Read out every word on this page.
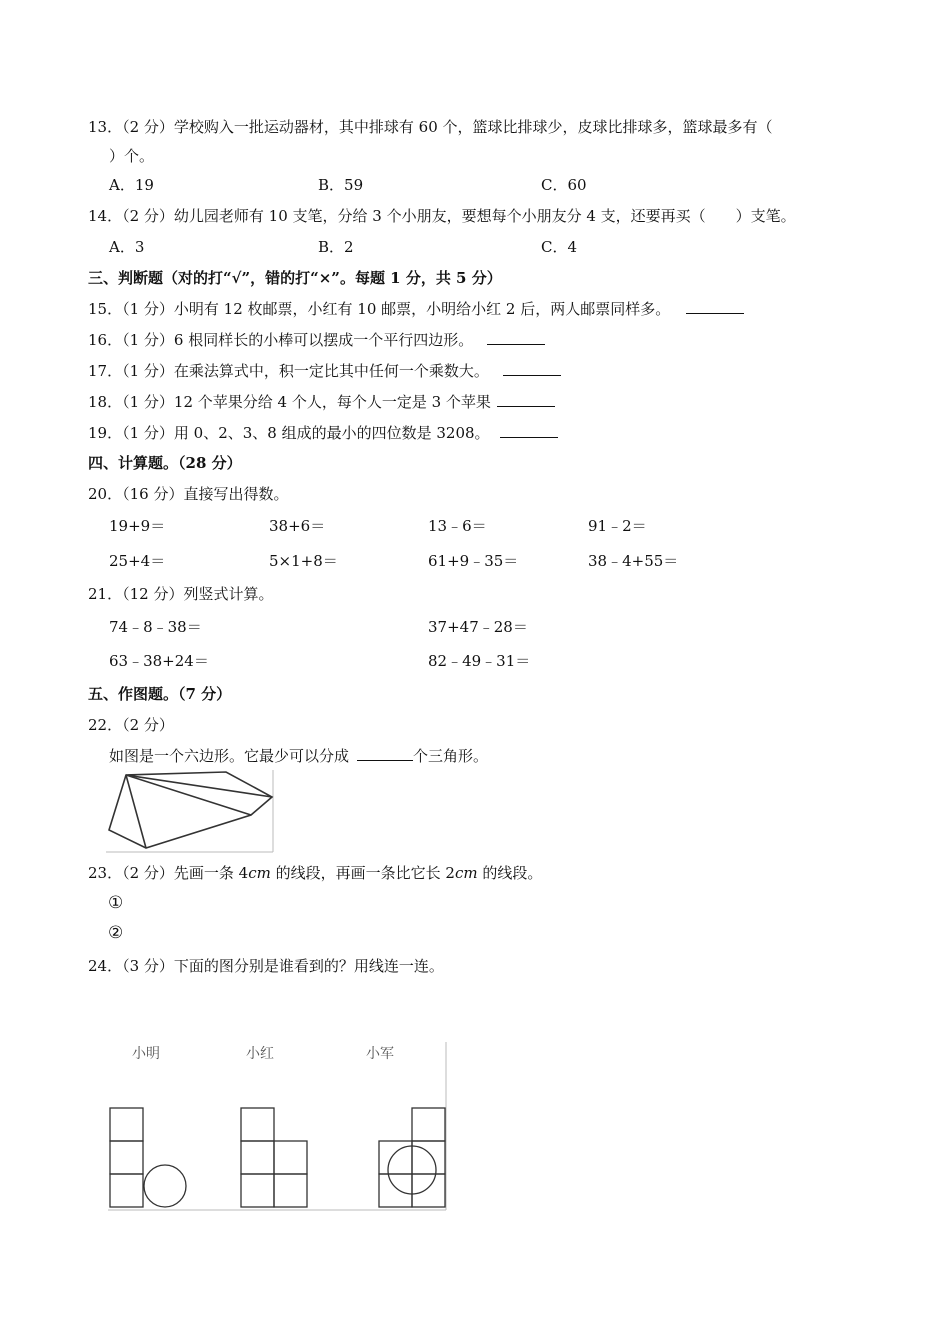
13．（2 分）学校购入一批运动器材，其中排球有 60 个，篮球比排球少，皮球比排球多，篮球最多有（
）个。
A．19	B．59	C．60
14．（2 分）幼儿园老师有 10 支笔，分给 3 个小朋友，要想每个小朋友分 4 支，还要再买（　　）支笔。
A．3	B．2	C．4
三、判断题（对的打“√”，错的打“×”。每题 1 分，共 5 分）
15．（1 分）小明有 12 枚邮票，小红有 10 邮票，小明给小红 2 后，两人邮票同样多。
16．（1 分）6 根同样长的小棒可以摆成一个平行四边形。
17．（1 分）在乘法算式中，积一定比其中任何一个乘数大。
18．（1 分）12 个苹果分给 4 个人，每个人一定是 3 个苹果
19．（1 分）用 0、2、3、8 组成的最小的四位数是 3208。
四、计算题。（28 分）
20．（16 分）直接写出得数。
19+9＝	38+6＝	13﹣6＝	91﹣2＝
25+4＝	5×1+8＝	61+9﹣35＝	38﹣4+55＝
21．（12 分）列竖式计算。
74﹣8﹣38＝	37+47﹣28＝
63﹣38+24＝	82﹣49﹣31＝
五、作图题。（7 分）
22．（2 分）
如图是一个六边形。它最少可以分成	个三角形。
23．（2 分）先画一条 4cm 的线段，再画一条比它长 2cm 的线段。
①
②
24．（3 分）下面的图分别是谁看到的？用线连一连。
小明	小红	小军
